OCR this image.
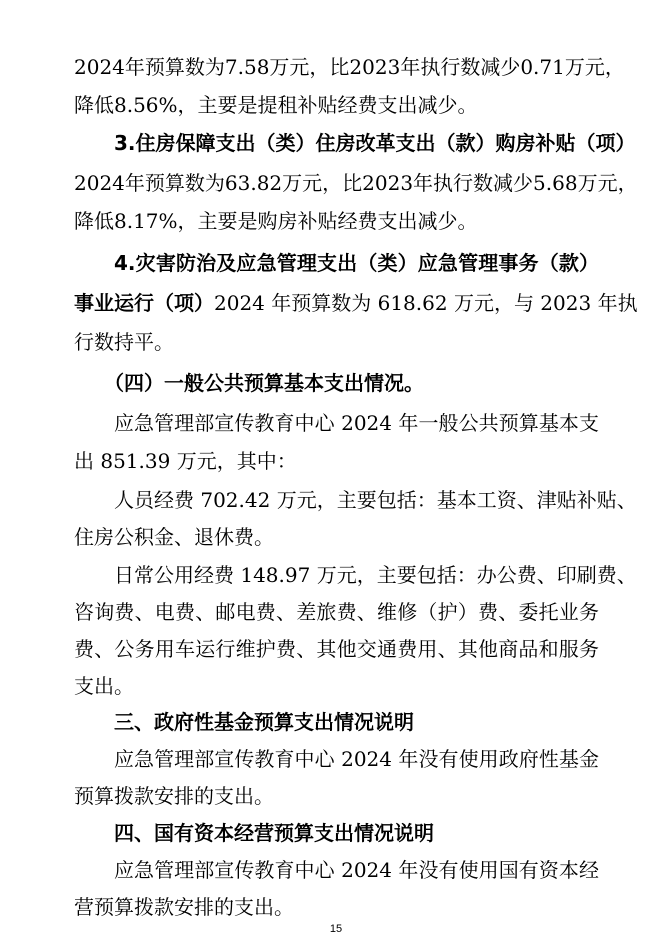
2024年预算数为7.58万元，比2023年执行数减少0.71万元，
降低8.56%，主要是提租补贴经费支出减少。
3.住房保障支出（类）住房改革支出（款）购房补贴（项）
2024年预算数为63.82万元，比2023年执行数减少5.68万元，
降低8.17%，主要是购房补贴经费支出减少。
4.灾害防治及应急管理支出（类）应急管理事务（款）
事业运行（项）2024 年预算数为 618.62 万元，与 2023 年执
行数持平。
（四）一般公共预算基本支出情况。
应急管理部宣传教育中心 2024 年一般公共预算基本支
出 851.39 万元，其中：
人员经费 702.42 万元，主要包括：基本工资、津贴补贴、
住房公积金、退休费。
日常公用经费 148.97 万元，主要包括：办公费、印刷费、
咨询费、电费、邮电费、差旅费、维修（护）费、委托业务
费、公务用车运行维护费、其他交通费用、其他商品和服务
支出。
三、政府性基金预算支出情况说明
应急管理部宣传教育中心 2024 年没有使用政府性基金
预算拨款安排的支出。
四、国有资本经营预算支出情况说明
应急管理部宣传教育中心 2024 年没有使用国有资本经
营预算拨款安排的支出。
15
